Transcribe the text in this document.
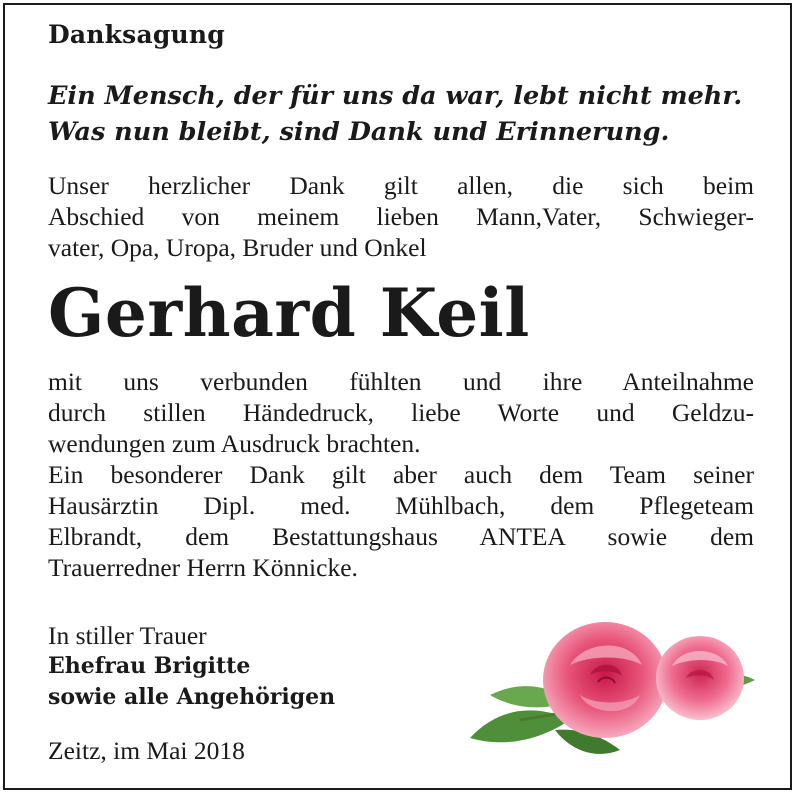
Danksagung
Ein Mensch, der für uns da war, lebt nicht mehr.
Was nun bleibt, sind Dank und Erinnerung.
Unser herzlicher Dank gilt allen, die sich beim
Abschied von meinem lieben Mann,Vater, Schwieger-
vater, Opa, Uropa, Bruder und Onkel
Gerhard Keil
mit uns verbunden fühlten und ihre Anteilnahme
durch stillen Händedruck, liebe Worte und Geldzu-
wendungen zum Ausdruck brachten.
Ein besonderer Dank gilt aber auch dem Team seiner
Hausärztin Dipl. med. Mühlbach, dem Pflegeteam
Elbrandt, dem Bestattungshaus ANTEA sowie dem
Trauerredner Herrn Könnicke.
In stiller Trauer
Ehefrau Brigitte
sowie alle Angehörigen
Zeitz, im Mai 2018
